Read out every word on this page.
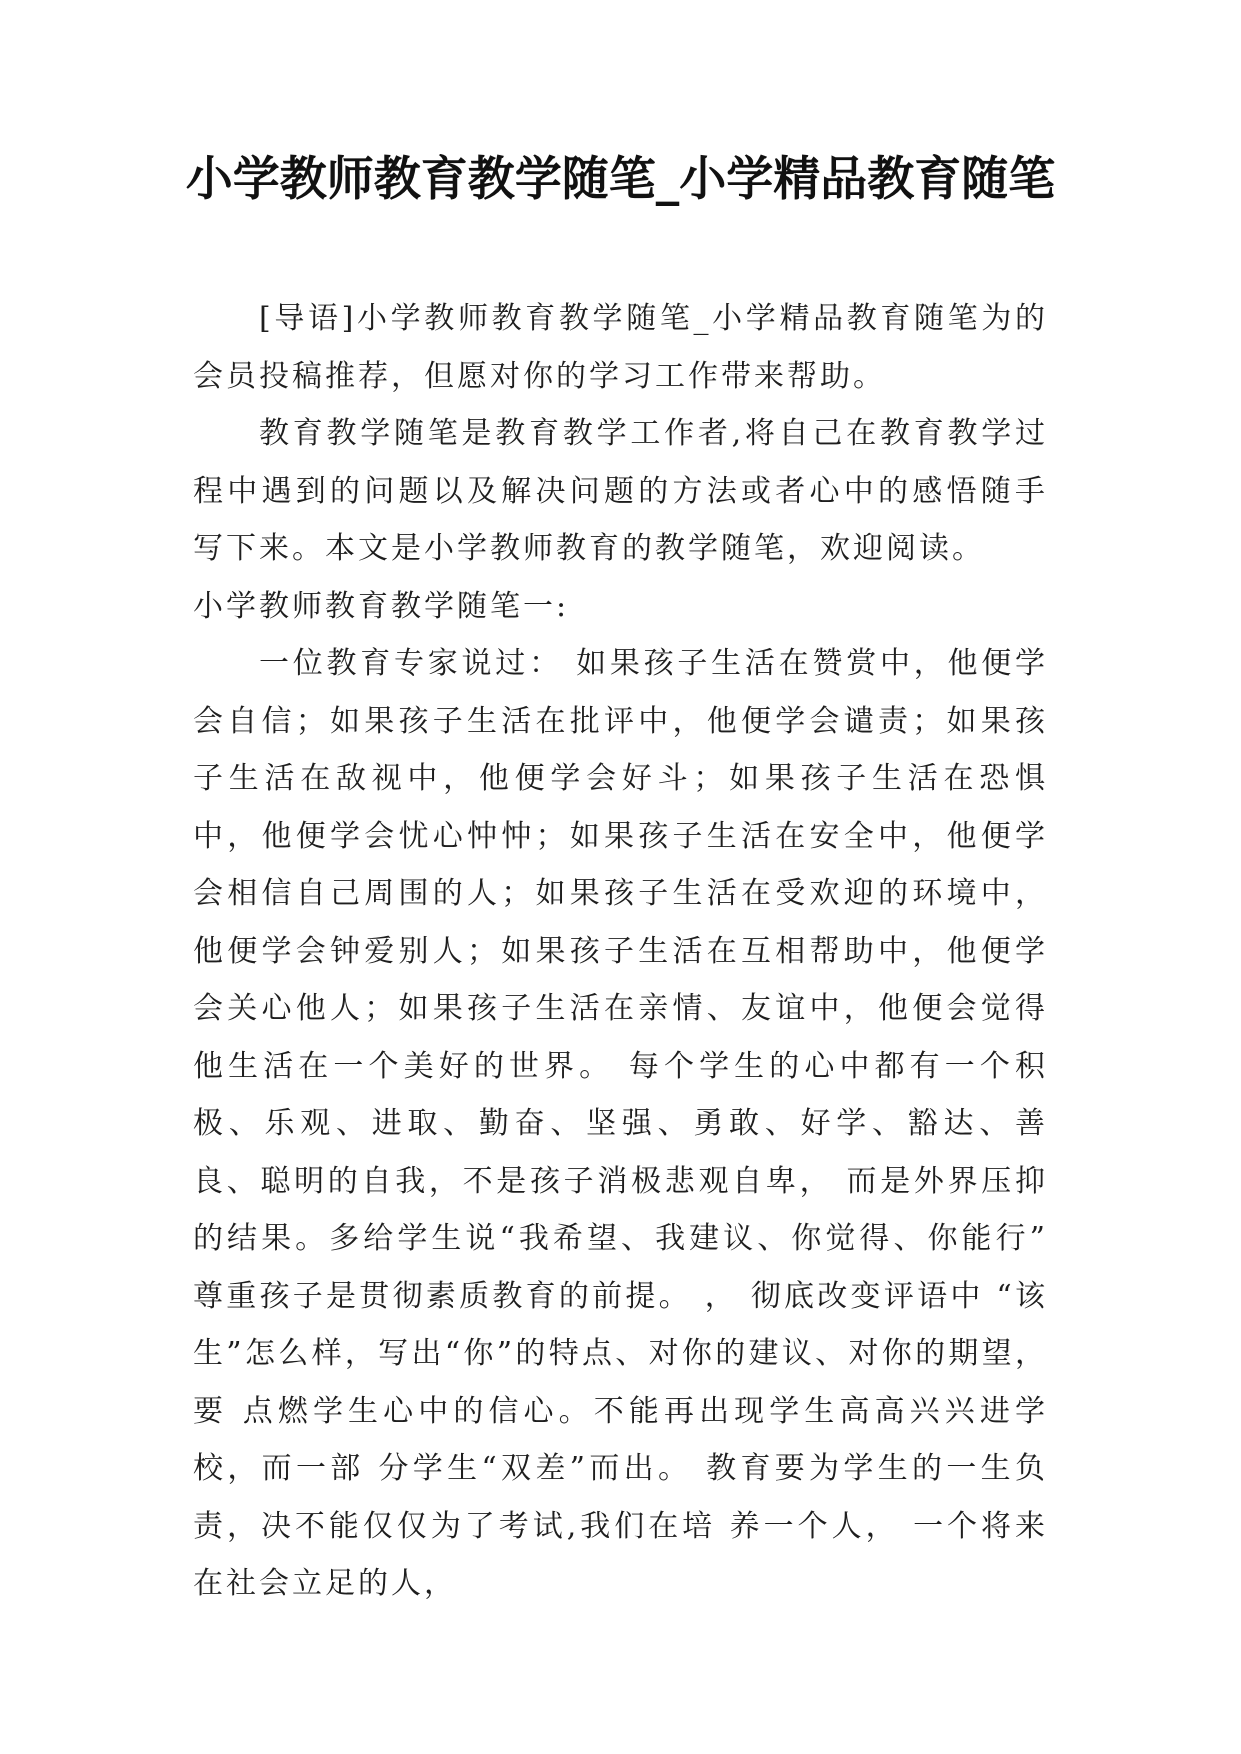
小学教师教育教学随笔_小学精品教育随笔

[导语]小学教师教育教学随笔_小学精品教育随笔为的会员投稿推荐，但愿对你的学习工作带来帮助。

教育教学随笔是教育教学工作者,将自己在教育教学过程中遇到的问题以及解决问题的方法或者心中的感悟随手写下来。本文是小学教师教育的教学随笔，欢迎阅读。

小学教师教育教学随笔一:

一位教育专家说过： 如果孩子生活在赞赏中，他便学会自信；如果孩子生活在批评中，他便学会谴责；如果孩子生活在敌视中，他便学会好斗；如果孩子生活在恐惧中，他便学会忧心忡忡；如果孩子生活在安全中，他便学会相信自己周围的人；如果孩子生活在受欢迎的环境中，他便学会钟爱别人；如果孩子生活在互相帮助中，他便学会关心他人；如果孩子生活在亲情、友谊中，他便会觉得他生活在一个美好的世界。 每个学生的心中都有一个积极、乐观、进取、勤奋、坚强、勇敢、好学、豁达、善良、聪明的自我，不是孩子消极悲观自卑， 而是外界压抑的结果。多给学生说“我希望、我建议、你觉得、你能行” 尊重孩子是贯彻素质教育的前提。 ， 彻底改变评语中 “该 生”怎么样，写出“你”的特点、对你的建议、对你的期望，要 点燃学生心中的信心。不能再出现学生高高兴兴进学校，而一部 分学生“双差”而出。 教育要为学生的一生负责，决不能仅仅为了考试,我们在培 养一个人， 一个将来在社会立足的人，
